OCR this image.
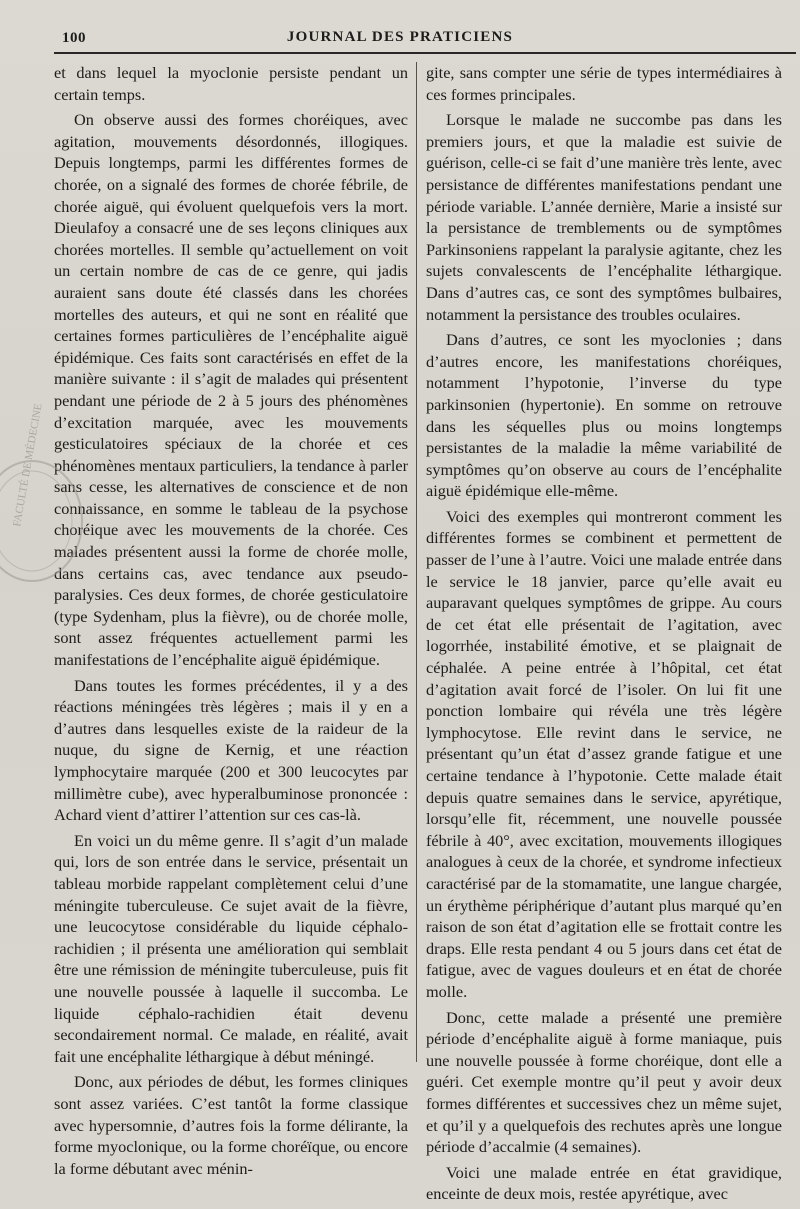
100	JOURNAL DES PRATICIENS

et dans lequel la myoclonie persiste pendant un certain temps.

On observe aussi des formes choréiques, avec agitation, mouvements désordonnés, illogiques. Depuis longtemps, parmi les différentes formes de chorée, on a signalé des formes de chorée fébrile, de chorée aiguë, qui évoluent quelquefois vers la mort. Dieulafoy a consacré une de ses leçons cliniques aux chorées mortelles. Il semble qu’actuellement on voit un certain nombre de cas de ce genre, qui jadis auraient sans doute été classés dans les chorées mortelles des auteurs, et qui ne sont en réalité que certaines formes particulières de l’encéphalite aiguë épidémique. Ces faits sont caractérisés en effet de la manière suivante : il s’agit de malades qui présentent pendant une période de 2 à 5 jours des phénomènes d’excitation marquée, avec les mouvements gesticulatoires spéciaux de la chorée et ces phénomènes mentaux particuliers, la tendance à parler sans cesse, les alternatives de conscience et de non connaissance, en somme le tableau de la psychose choréique avec les mouvements de la chorée. Ces malades présentent aussi la forme de chorée molle, dans certains cas, avec tendance aux pseudo-paralysies. Ces deux formes, de chorée gesticulatoire (type Sydenham, plus la fièvre), ou de chorée molle, sont assez fréquentes actuellement parmi les manifestations de l’encéphalite aiguë épidémique.

Dans toutes les formes précédentes, il y a des réactions méningées très légères ; mais il y en a d’autres dans lesquelles existe de la raideur de la nuque, du signe de Kernig, et une réaction lymphocytaire marquée (200 et 300 leucocytes par millimètre cube), avec hyperalbuminose prononcée : Achard vient d’attirer l’attention sur ces cas-là.

En voici un du même genre. Il s’agit d’un malade qui, lors de son entrée dans le service, présentait un tableau morbide rappelant complètement celui d’une méningite tuberculeuse. Ce sujet avait de la fièvre, une leucocytose considérable du liquide céphalo-rachidien ; il présenta une amélioration qui semblait être une rémission de méningite tuberculeuse, puis fit une nouvelle poussée à laquelle il succomba. Le liquide céphalo-rachidien était devenu secondairement normal. Ce malade, en réalité, avait fait une encéphalite léthargique à début méningé.

Donc, aux périodes de début, les formes cliniques sont assez variées. C’est tantôt la forme classique avec hypersomnie, d’autres fois la forme délirante, la forme myoclonique, ou la forme choréïque, ou encore la forme débutant avec ménin-

gite, sans compter une série de types intermédiaires à ces formes principales.

Lorsque le malade ne succombe pas dans les premiers jours, et que la maladie est suivie de guérison, celle-ci se fait d’une manière très lente, avec persistance de différentes manifestations pendant une période variable. L’année dernière, Marie a insisté sur la persistance de tremblements ou de symptômes Parkinsoniens rappelant la paralysie agitante, chez les sujets convalescents de l’encéphalite léthargique. Dans d’autres cas, ce sont des symptômes bulbaires, notamment la persistance des troubles oculaires.

Dans d’autres, ce sont les myoclonies ; dans d’autres encore, les manifestations choréiques, notamment l’hypotonie, l’inverse du type parkinsonien (hypertonie). En somme on retrouve dans les séquelles plus ou moins longtemps persistantes de la maladie la même variabilité de symptômes qu’on observe au cours de l’encéphalite aiguë épidémique elle-même.

Voici des exemples qui montreront comment les différentes formes se combinent et permettent de passer de l’une à l’autre. Voici une malade entrée dans le service le 18 janvier, parce qu’elle avait eu auparavant quelques symptômes de grippe. Au cours de cet état elle présentait de l’agitation, avec logorrhée, instabilité émotive, et se plaignait de céphalée. A peine entrée à l’hôpital, cet état d’agitation avait forcé de l’isoler. On lui fit une ponction lombaire qui révéla une très légère lymphocytose. Elle revint dans le service, ne présentant qu’un état d’assez grande fatigue et une certaine tendance à l’hypotonie. Cette malade était depuis quatre semaines dans le service, apyrétique, lorsqu’elle fit, récemment, une nouvelle poussée fébrile à 40°, avec excitation, mouvements illogiques analogues à ceux de la chorée, et syndrome infectieux caractérisé par de la stomamatite, une langue chargée, un érythème périphérique d’autant plus marqué qu’en raison de son état d’agitation elle se frottait contre les draps. Elle resta pendant 4 ou 5 jours dans cet état de fatigue, avec de vagues douleurs et en état de chorée molle.

Donc, cette malade a présenté une première période d’encéphalite aiguë à forme maniaque, puis une nouvelle poussée à forme choréique, dont elle a guéri. Cet exemple montre qu’il peut y avoir deux formes différentes et successives chez un même sujet, et qu’il y a quelquefois des rechutes après une longue période d’accalmie (4 semaines).

Voici une malade entrée en état gravidique, enceinte de deux mois, restée apyrétique, avec

FACULTÉ DE MÉDECINE
